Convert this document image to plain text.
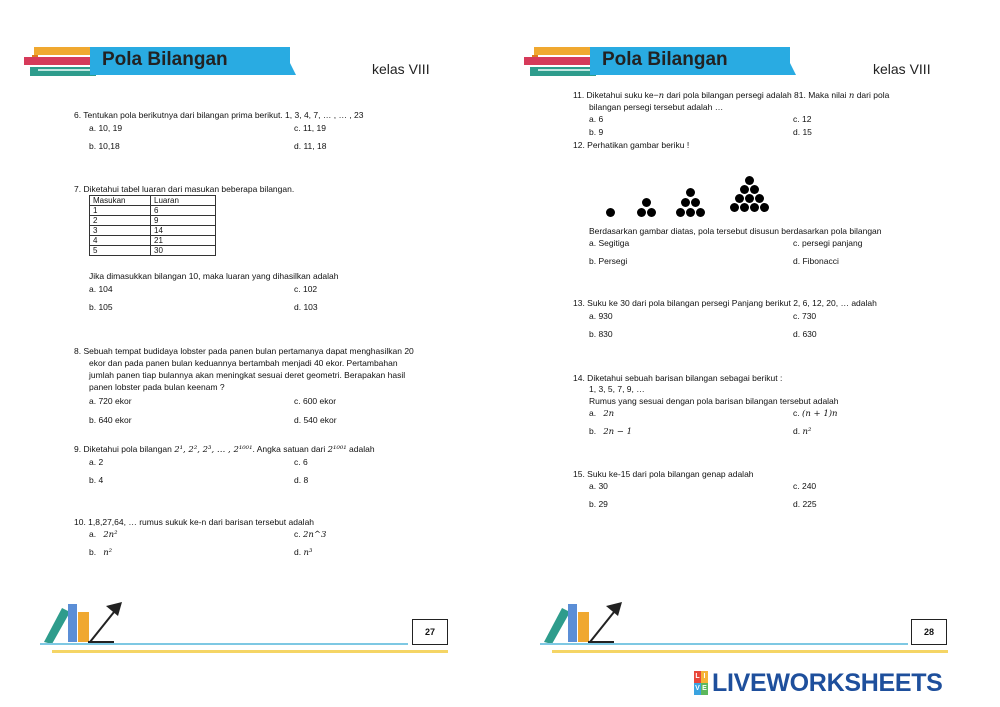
Pola Bilangan	kelas VIII
6. Tentukan pola berikutnya dari bilangan prima berikut. 1, 3, 4, 7, … , … , 23
a. 10, 19	c. 11, 19
b. 10,18	d. 11, 18
7. Diketahui tabel luaran dari masukan beberapa bilangan.
Masukan	Luaran
1	6
2	9
3	14
4	21
5	30
Jika dimasukkan bilangan 10, maka luaran yang dihasilkan adalah
a. 104	c. 102
b. 105	d. 103
8. Sebuah tempat budidaya lobster pada panen bulan pertamanya dapat menghasilkan 20
ekor dan pada panen bulan keduannya bertambah menjadi 40 ekor. Pertambahan
jumlah panen tiap bulannya akan meningkat sesuai deret geometri. Berapakan hasil
panen lobster pada bulan keenam ?
a. 720 ekor	c. 600 ekor
b. 640 ekor	d. 540 ekor
9. Diketahui pola bilangan 2¹, 2², 2³, … , 2¹⁰⁰¹. Angka satuan dari 2¹⁰⁰¹ adalah
a. 2	c. 6
b. 4	d. 8
10. 1,8,27,64, … rumus sukuk ke-n dari barisan tersebut adalah
a. 2n²	c. 2n^3
b. n²	d. n³
27
Pola Bilangan	kelas VIII
11. Diketahui suku ke−n dari pola bilangan persegi adalah 81. Maka nilai n dari pola
bilangan persegi tersebut adalah …
a. 6	c. 12
b. 9	d. 15
12. Perhatikan gambar beriku !
Berdasarkan gambar diatas, pola tersebut disusun berdasarkan pola bilangan
a. Segitiga	c. persegi panjang
b. Persegi	d. Fibonacci
13. Suku ke 30 dari pola bilangan persegi Panjang berikut 2, 6, 12, 20, … adalah
a. 930	c. 730
b. 830	d. 630
14. Diketahui sebuah barisan bilangan sebagai berikut :
1, 3, 5, 7, 9, …
Rumus yang sesuai dengan pola barisan bilangan tersebut adalah
a. 2n	c. (n + 1)n
b. 2n − 1	d. n²
15. Suku ke-15 dari pola bilangan genap adalah
a. 30	c. 240
b. 29	d. 225
28
L I
V E LIVEWORKSHEETS
